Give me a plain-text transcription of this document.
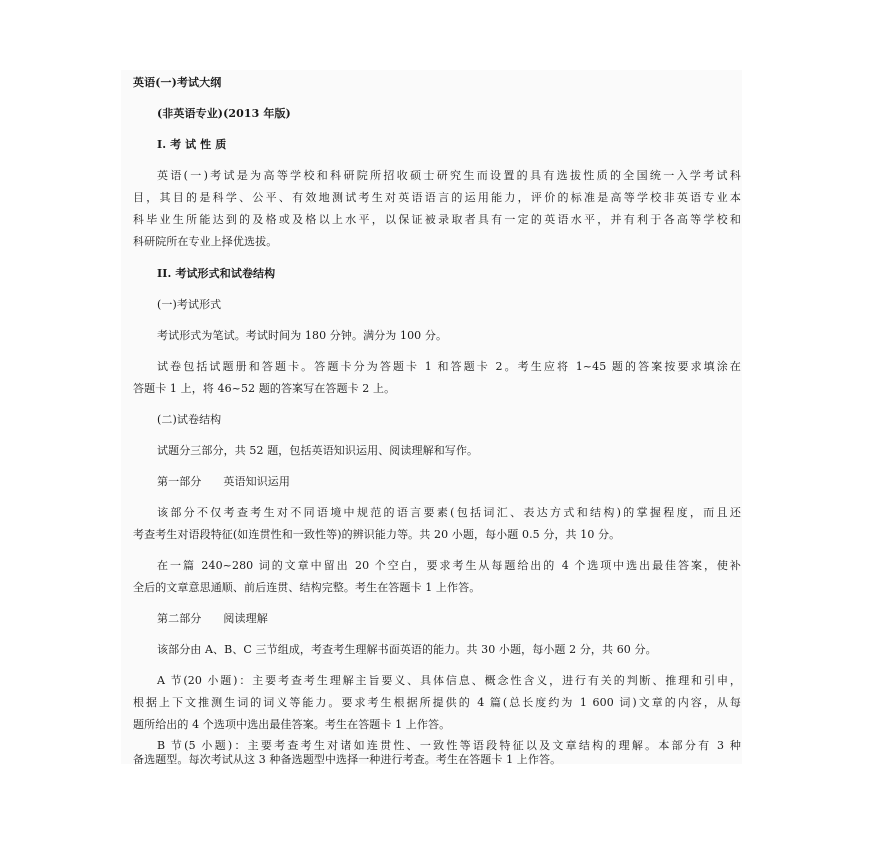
英语(一)考试大纲
(非英语专业)(2013 年版)
I. 考 试 性 质
英语(一)考试是为高等学校和科研院所招收硕士研究生而设置的具有选拔性质的全国统一入学考试科
目，其目的是科学、公平、有效地测试考生对英语语言的运用能力，评价的标准是高等学校非英语专业本
科毕业生所能达到的及格或及格以上水平，以保证被录取者具有一定的英语水平，并有利于各高等学校和
科研院所在专业上择优选拔。
II. 考试形式和试卷结构
(一)考试形式
考试形式为笔试。考试时间为 180 分钟。满分为 100 分。
试卷包括试题册和答题卡。答题卡分为答题卡 1 和答题卡 2。考生应将 1~45 题的答案按要求填涂在
答题卡 1 上，将 46~52 题的答案写在答题卡 2 上。
(二)试卷结构
试题分三部分，共 52 题，包括英语知识运用、阅读理解和写作。
第一部分 英语知识运用
该部分不仅考查考生对不同语境中规范的语言要素(包括词汇、表达方式和结构)的掌握程度，而且还
考查考生对语段特征(如连贯性和一致性等)的辨识能力等。共 20 小题，每小题 0.5 分，共 10 分。
在一篇 240~280 词的文章中留出 20 个空白，要求考生从每题给出的 4 个选项中选出最佳答案，使补
全后的文章意思通顺、前后连贯、结构完整。考生在答题卡 1 上作答。
第二部分 阅读理解
该部分由 A、B、C 三节组成，考查考生理解书面英语的能力。共 30 小题，每小题 2 分，共 60 分。
A 节(20 小题)：主要考查考生理解主旨要义、具体信息、概念性含义，进行有关的判断、推理和引申，
根据上下文推测生词的词义等能力。要求考生根据所提供的 4 篇(总长度约为 1 600 词)文章的内容，从每
题所给出的 4 个选项中选出最佳答案。考生在答题卡 1 上作答。
B 节(5 小题)：主要考查考生对诸如连贯性、一致性等语段特征以及文章结构的理解。本部分有 3 种
备选题型。每次考试从这 3 种备选题型中选择一种进行考查。考生在答题卡 1 上作答。
